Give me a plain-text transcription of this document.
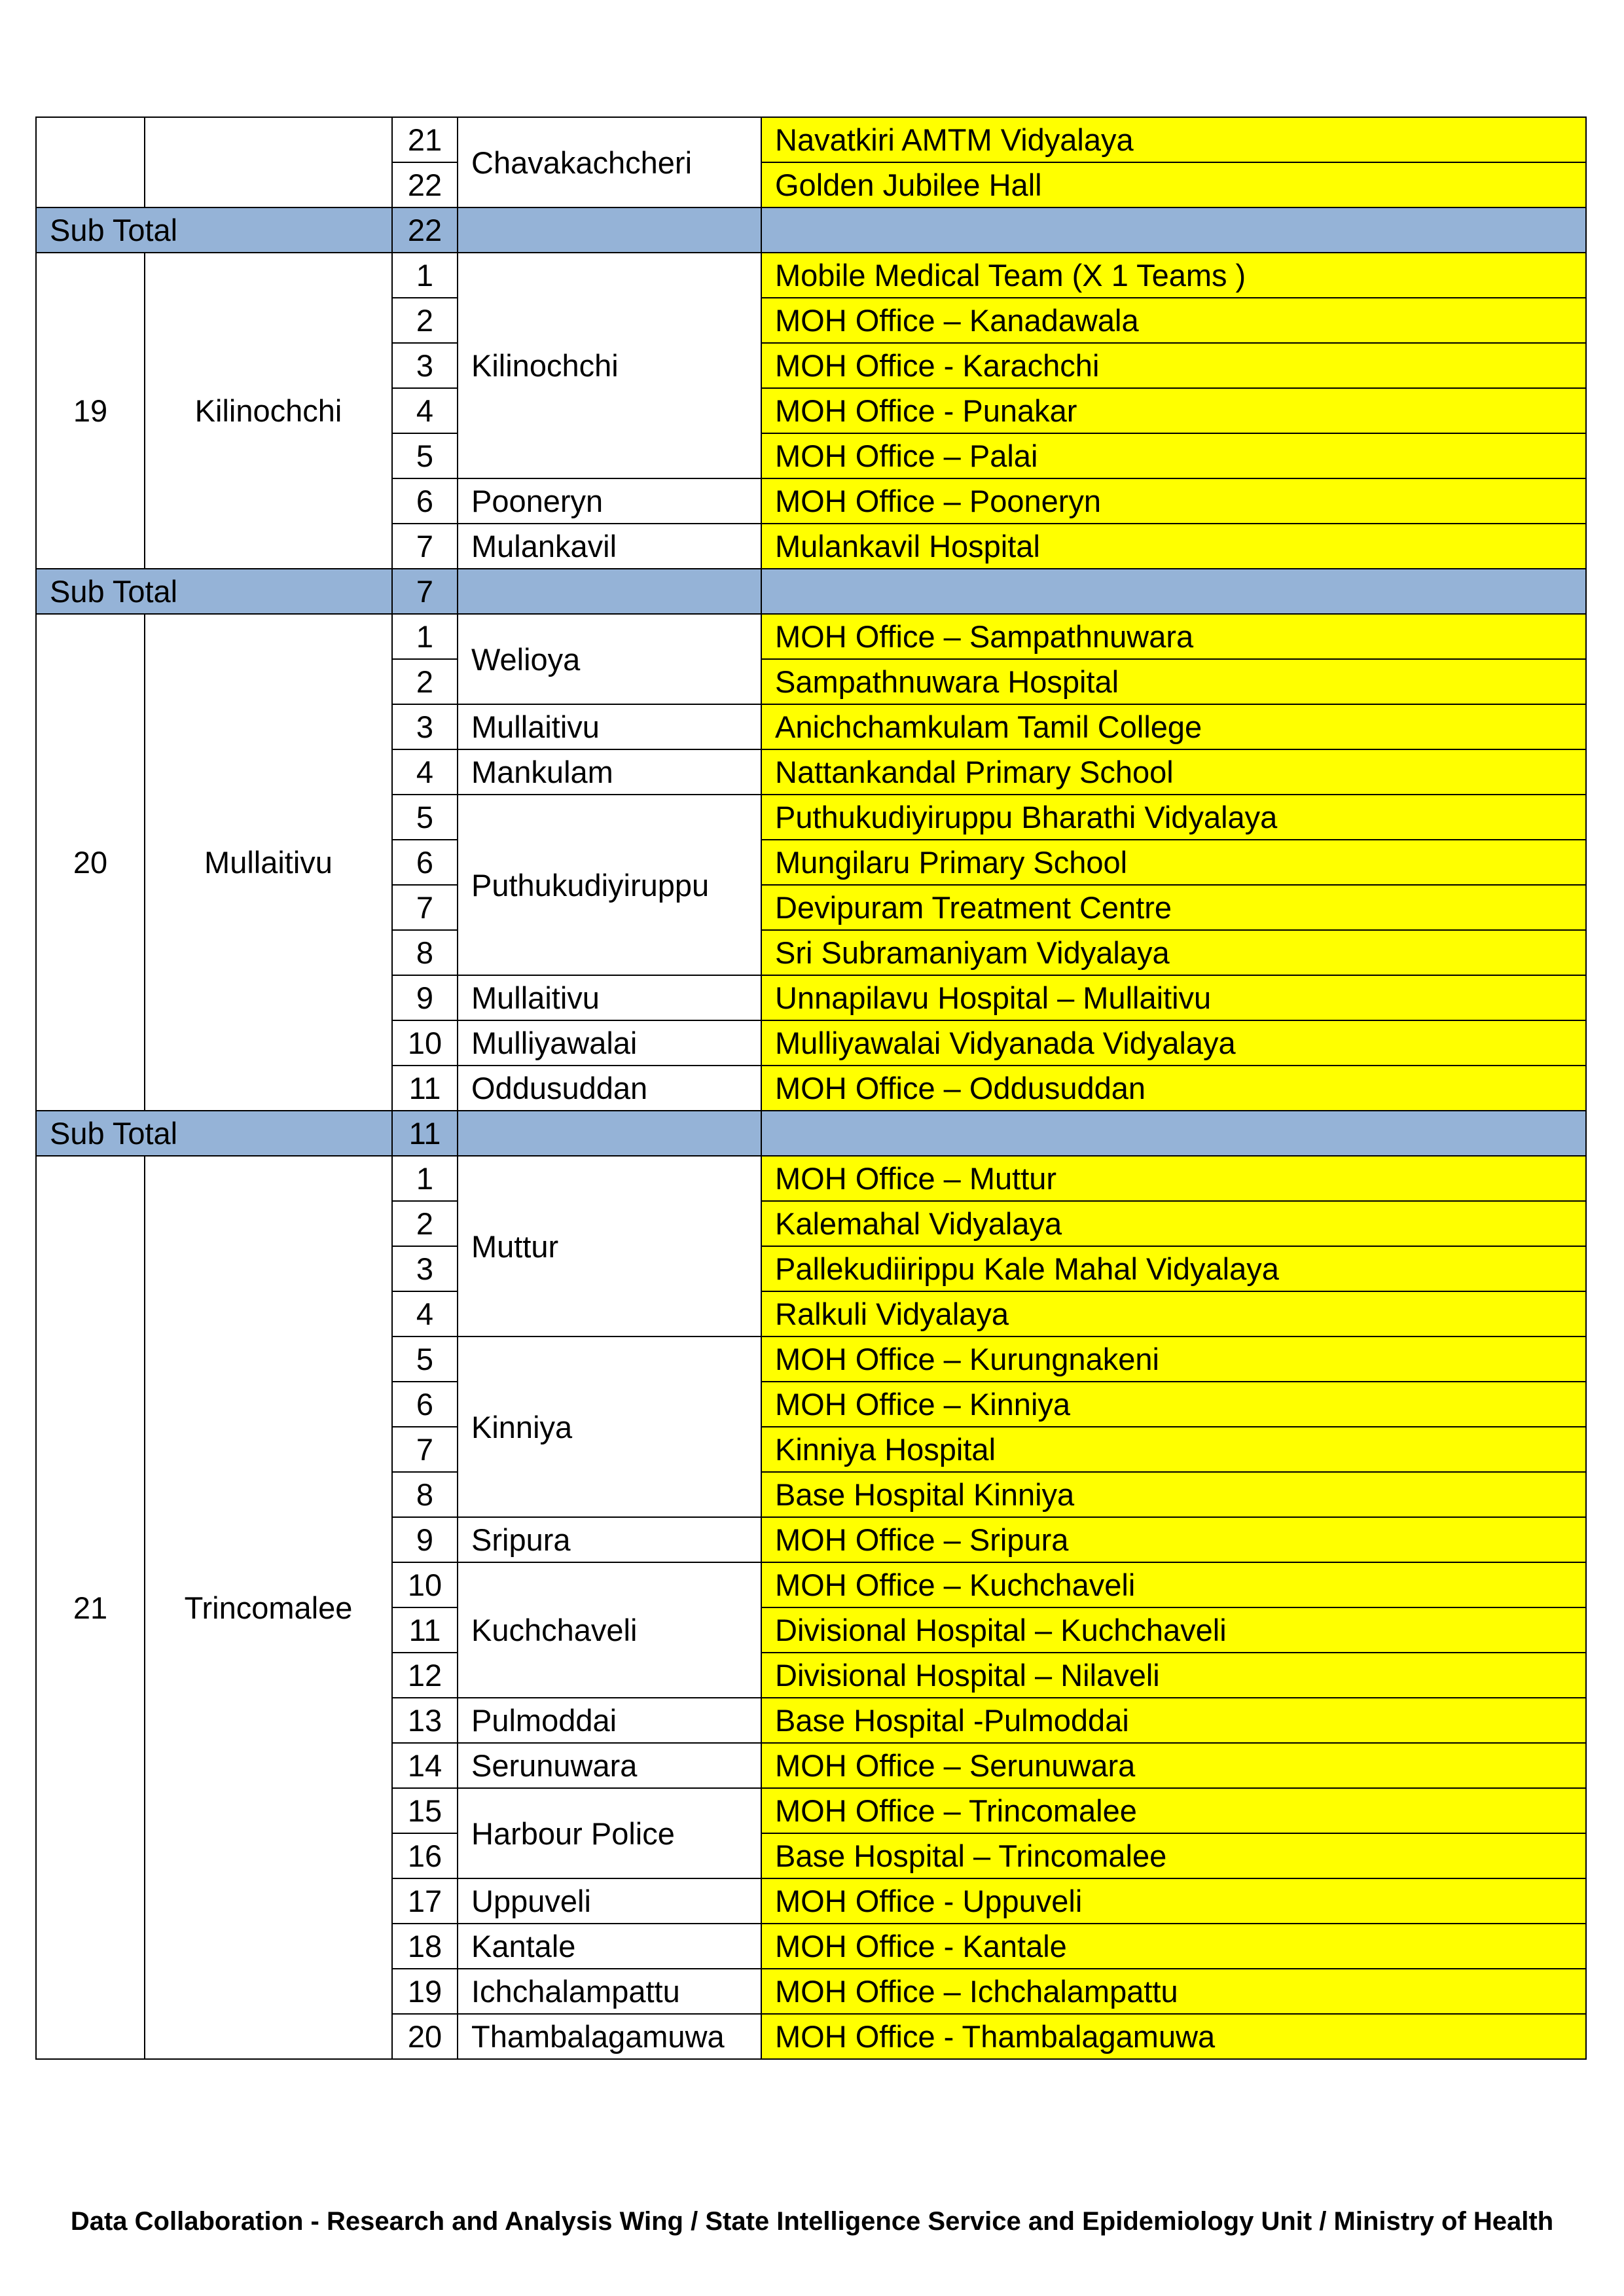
		21	Chavakachcheri	Navatkiri AMTM Vidyalaya
		22		Golden Jubilee Hall
Sub Total		22		
19	Kilinochchi	1	Kilinochchi	Mobile Medical Team (X 1 Teams )
		2		MOH Office – Kanadawala
		3		MOH Office - Karachchi
		4		MOH Office - Punakar
		5		MOH Office – Palai
		6	Pooneryn	MOH Office – Pooneryn
		7	Mulankavil	Mulankavil Hospital
Sub Total		7		
20	Mullaitivu	1	Welioya	MOH Office – Sampathnuwara
		2		Sampathnuwara Hospital
		3	Mullaitivu	Anichchamkulam Tamil College
		4	Mankulam	Nattankandal Primary School
		5	Puthukudiyiruppu	Puthukudiyiruppu Bharathi Vidyalaya
		6		Mungilaru Primary School
		7		Devipuram Treatment Centre
		8		Sri Subramaniyam Vidyalaya
		9	Mullaitivu	Unnapilavu Hospital – Mullaitivu
		10	Mulliyawalai	Mulliyawalai Vidyanada Vidyalaya
		11	Oddusuddan	MOH Office – Oddusuddan
Sub Total		11		
21	Trincomalee	1	Muttur	MOH Office – Muttur
		2		Kalemahal Vidyalaya
		3		Pallekudiirippu Kale Mahal Vidyalaya
		4		Ralkuli Vidyalaya
		5	Kinniya	MOH Office – Kurungnakeni
		6		MOH Office – Kinniya
		7		Kinniya Hospital
		8		Base Hospital Kinniya
		9	Sripura	MOH Office – Sripura
		10	Kuchchaveli	MOH Office – Kuchchaveli
		11		Divisional Hospital – Kuchchaveli
		12		Divisional Hospital – Nilaveli
		13	Pulmoddai	Base Hospital -Pulmoddai
		14	Serunuwara	MOH Office – Serunuwara
		15	Harbour Police	MOH Office – Trincomalee
		16		Base Hospital – Trincomalee
		17	Uppuveli	MOH Office - Uppuveli
		18	Kantale	MOH Office - Kantale
		19	Ichchalampattu	MOH Office – Ichchalampattu
		20	Thambalagamuwa	MOH Office - Thambalagamuwa
Data Collaboration - Research and Analysis Wing / State Intelligence Service and Epidemiology Unit / Ministry of Health
